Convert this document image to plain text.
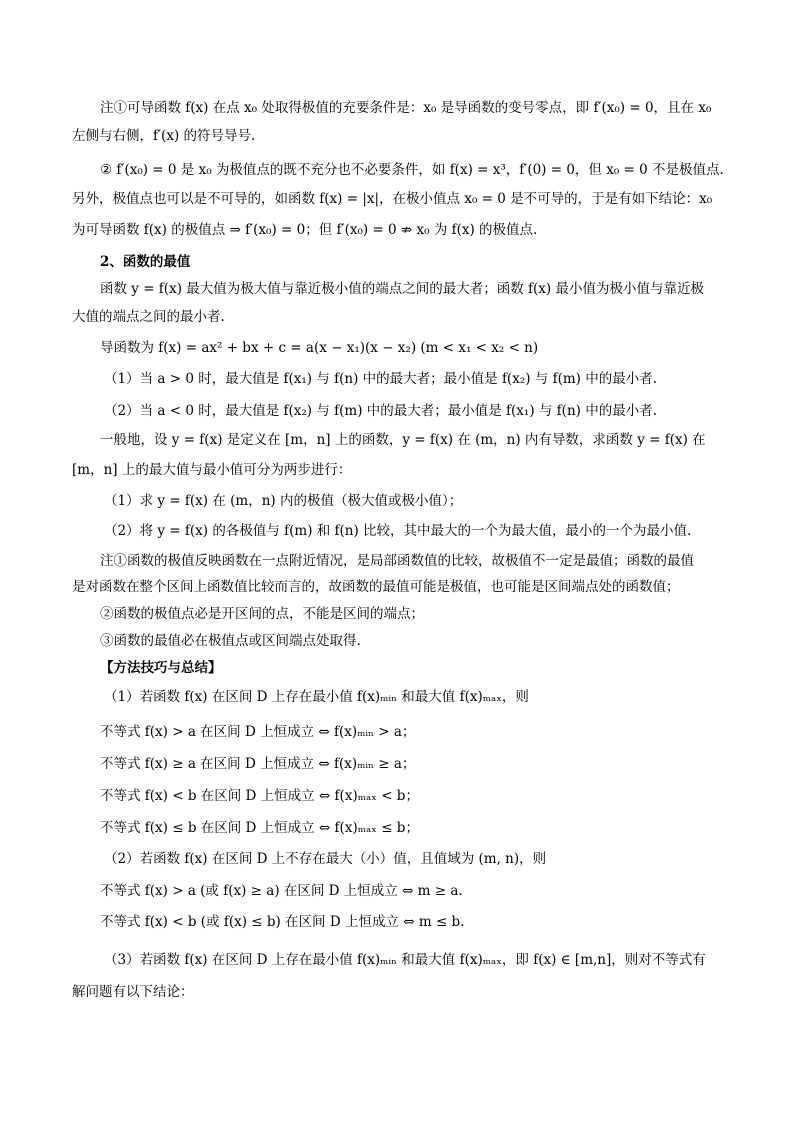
注①可导函数 f(x) 在点 x₀ 处取得极值的充要条件是：x₀ 是导函数的变号零点，即 f′(x₀) = 0，且在 x₀
左侧与右侧，f′(x) 的符号导号.
② f′(x₀) = 0 是 x₀ 为极值点的既不充分也不必要条件，如 f(x) = x³，f′(0) = 0，但 x₀ = 0 不是极值点.
另外，极值点也可以是不可导的，如函数 f(x) = |x|，在极小值点 x₀ = 0 是不可导的，于是有如下结论：x₀
为可导函数 f(x) 的极值点 ⇒ f′(x₀) = 0；但 f′(x₀) = 0 ⇏ x₀ 为 f(x) 的极值点.
2、函数的最值
函数 y = f(x) 最大值为极大值与靠近极小值的端点之间的最大者；函数 f(x) 最小值为极小值与靠近极
大值的端点之间的最小者.
导函数为 f(x) = ax² + bx + c = a(x − x₁)(x − x₂) (m < x₁ < x₂ < n)
（1）当 a > 0 时，最大值是 f(x₁) 与 f(n) 中的最大者；最小值是 f(x₂) 与 f(m) 中的最小者.
（2）当 a < 0 时，最大值是 f(x₂) 与 f(m) 中的最大者；最小值是 f(x₁) 与 f(n) 中的最小者.
一般地，设 y = f(x) 是定义在 [m，n] 上的函数，y = f(x) 在 (m，n) 内有导数，求函数 y = f(x) 在
[m，n] 上的最大值与最小值可分为两步进行：
（1）求 y = f(x) 在 (m，n) 内的极值（极大值或极小值）；
（2）将 y = f(x) 的各极值与 f(m) 和 f(n) 比较，其中最大的一个为最大值，最小的一个为最小值.
注①函数的极值反映函数在一点附近情况，是局部函数值的比较，故极值不一定是最值；函数的最值
是对函数在整个区间上函数值比较而言的，故函数的最值可能是极值，也可能是区间端点处的函数值；
②函数的极值点必是开区间的点，不能是区间的端点；
③函数的最值必在极值点或区间端点处取得.
【方法技巧与总结】
（1）若函数 f(x) 在区间 D 上存在最小值 f(x)ₘᵢₙ 和最大值 f(x)ₘₐₓ，则
不等式 f(x) > a 在区间 D 上恒成立 ⇔ f(x)ₘᵢₙ > a；
不等式 f(x) ≥ a 在区间 D 上恒成立 ⇔ f(x)ₘᵢₙ ≥ a；
不等式 f(x) < b 在区间 D 上恒成立 ⇔ f(x)ₘₐₓ < b；
不等式 f(x) ≤ b 在区间 D 上恒成立 ⇔ f(x)ₘₐₓ ≤ b；
（2）若函数 f(x) 在区间 D 上不存在最大（小）值，且值域为 (m, n)，则
不等式 f(x) > a (或 f(x) ≥ a) 在区间 D 上恒成立 ⇔ m ≥ a.
不等式 f(x) < b (或 f(x) ≤ b) 在区间 D 上恒成立 ⇔ m ≤ b.
（3）若函数 f(x) 在区间 D 上存在最小值 f(x)ₘᵢₙ 和最大值 f(x)ₘₐₓ，即 f(x) ∈ [m,n]，则对不等式有
解问题有以下结论：
